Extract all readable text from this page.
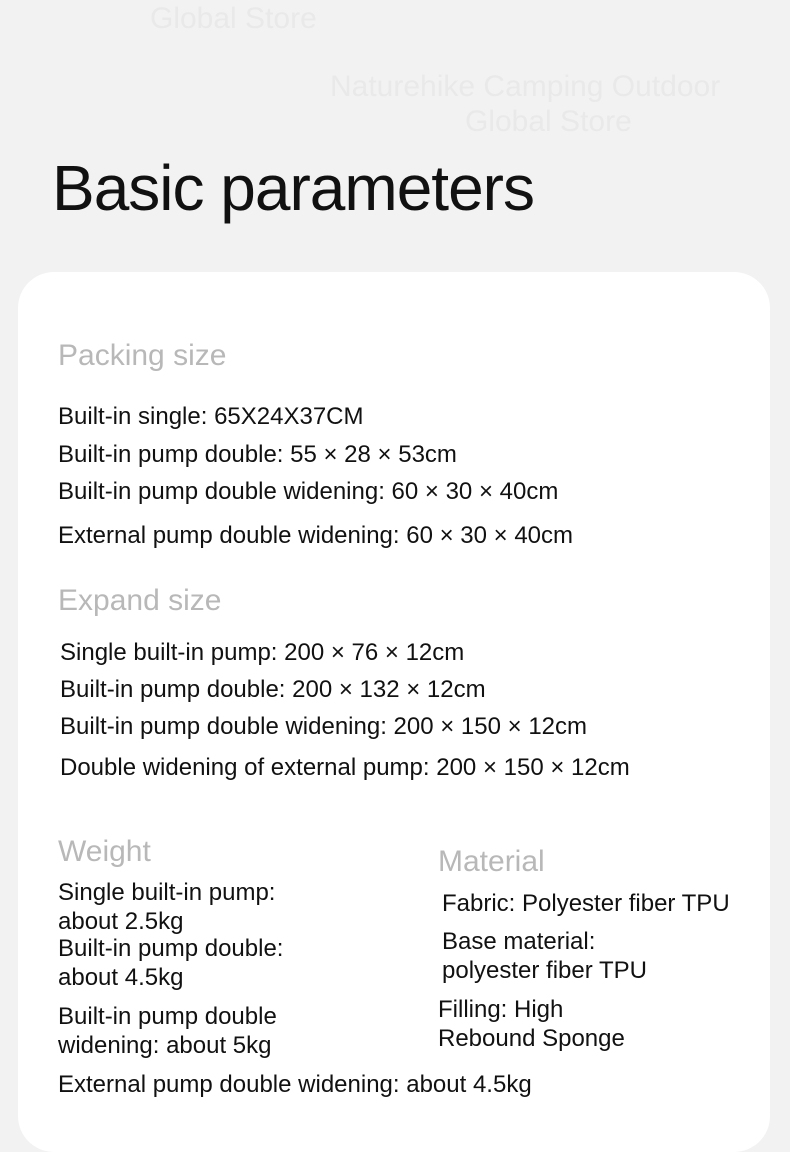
Global Store
Naturehike Camping Outdoor
Global Store
Basic parameters
Packing size

Built-in single: 65X24X37CM

Built-in pump double: 55 × 28 × 53cm

Built-in pump double widening: 60 × 30 × 40cm

External pump double widening: 60 × 30 × 40cm

Expand size

Single built-in pump: 200 × 76 × 12cm

Built-in pump double: 200 × 132 × 12cm

Built-in pump double widening: 200 × 150 × 12cm

Double widening of external pump: 200 × 150 × 12cm

Weight
Single built-in pump:
about 2.5kg
Built-in pump double:
about 4.5kg
Built-in pump double
widening: about 5kg

External pump double widening: about 4.5kg

Material

Fabric: Polyester fiber TPU

Base material:
polyester fiber TPU
Filling: High
Rebound Sponge
